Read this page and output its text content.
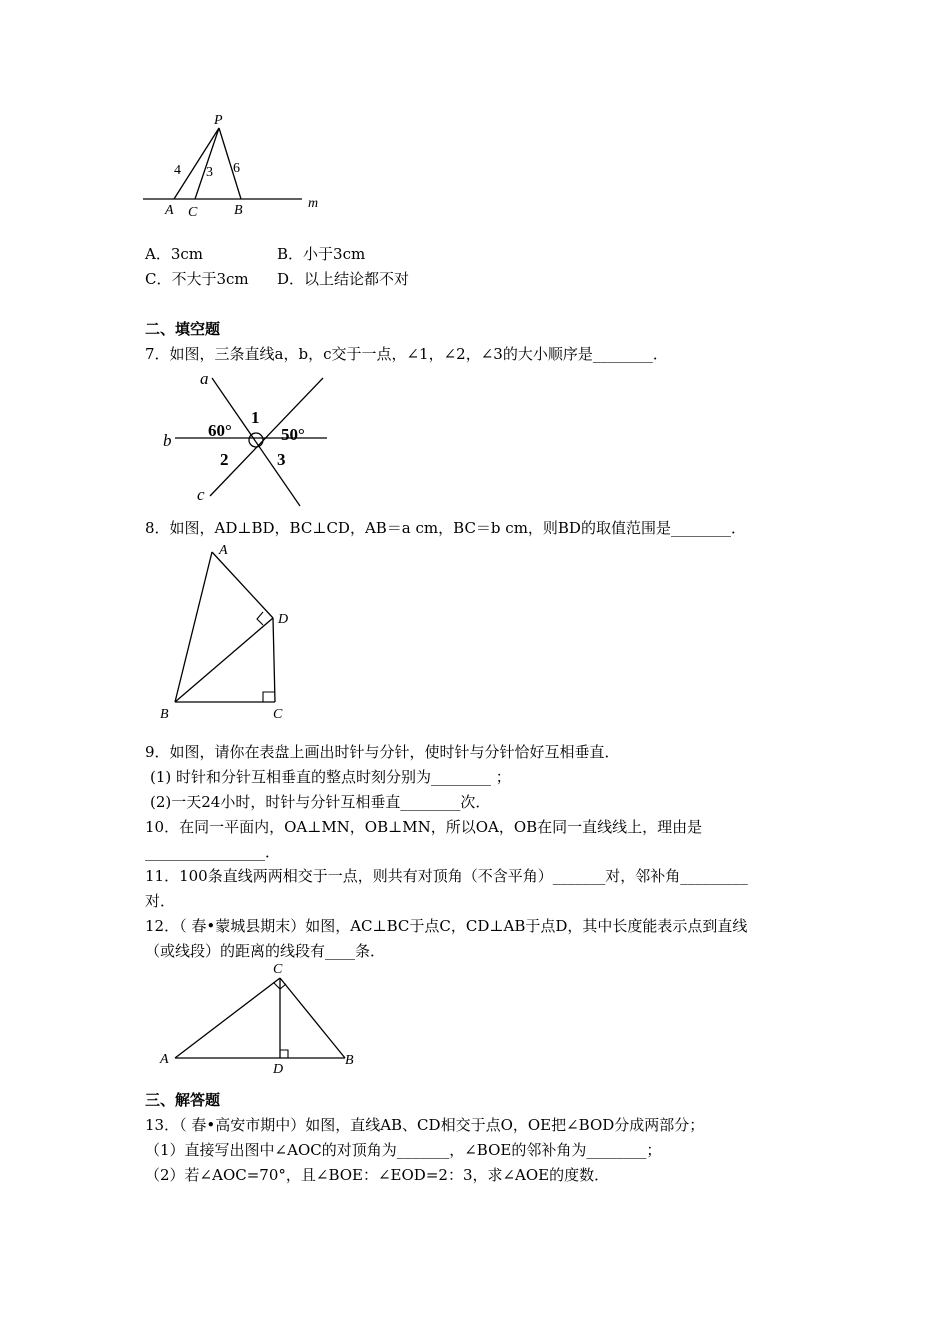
P
A C	B	m
4 3 6
A．3cm	B．小于3cm
C．不大于3cm D．以上结论都不对
二、填空题
7．如图，三条直线a，b，c交于一点，∠1，∠2，∠3的大小顺序是________．
a
b
c
60°	50°
1
2	3
8．如图，AD⊥BD，BC⊥CD，AB＝a cm，BC＝b cm，则BD的取值范围是________．
A
D
B	C
9．如图，请你在表盘上画出时针与分针，使时针与分针恰好互相垂直．
(1) 时针和分针互相垂直的整点时刻分别为________ ；
(2)一天24小时，时针与分针互相垂直________次．
10．在同一平面内，OA⊥MN，OB⊥MN，所以OA，OB在同一直线线上，理由是
________________．
11．100条直线两两相交于一点，则共有对顶角（不含平角）_______对，邻补角_________
对．
12．（ 春•蒙城县期末）如图，AC⊥BC于点C，CD⊥AB于点D，其中长度能表示点到直线
（或线段）的距离的线段有____条．
C
A	B
D
三、解答题
13．（ 春•高安市期中）如图，直线AB、CD相交于点O，OE把∠BOD分成两部分；
（1）直接写出图中∠AOC的对顶角为_______，∠BOE的邻补角为________；
（2）若∠AOC=70°，且∠BOE：∠EOD=2：3，求∠AOE的度数．
